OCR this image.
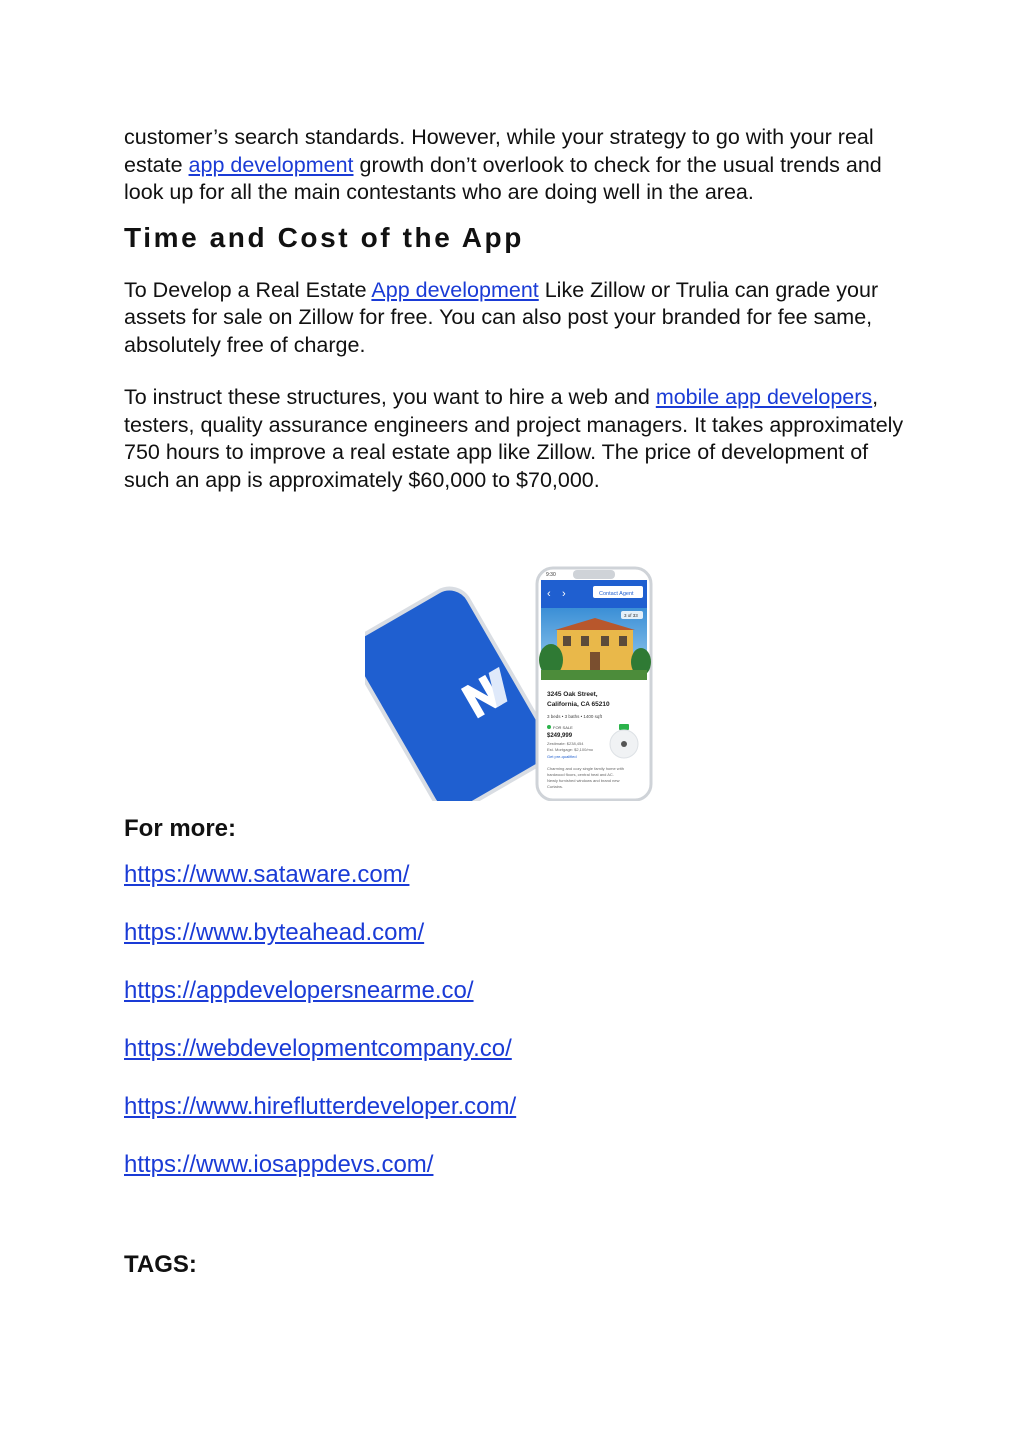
customer’s search standards. However, while your strategy to go with your real estate app development growth don’t overlook to check for the usual trends and look up for all the main contestants who are doing well in the area.

Time and Cost of the App

To Develop a Real Estate App development Like Zillow or Trulia can grade your assets for sale on Zillow for free. You can also post your branded for fee same, absolutely free of charge.

To instruct these structures, you want to hire a web and mobile app developers, testers, quality assurance engineers and project managers. It takes approximately 750 hours to improve a real estate app like Zillow. The price of development of such an app is approximately $60,000 to $70,000.

9:30
‹ ›	Contact Agent
3 of 33
3245 Oak Street,
California, CA 65210
3 beds • 3 baths • 1400 sqft
FOR SALE
$249,999
Zestimate: $238,454
Est. Mortgage: $2,100/mo
Get pre-qualified
Charming and cozy single family home with
hardwood floors, central heat and AC.
Newly furnished windows and brand new
Curtains.
For more:
https://www.sataware.com/
https://www.byteahead.com/
https://appdevelopersnearme.co/
https://webdevelopmentcompany.co/
https://www.hireflutterdeveloper.com/
https://www.iosappdevs.com/
TAGS:
